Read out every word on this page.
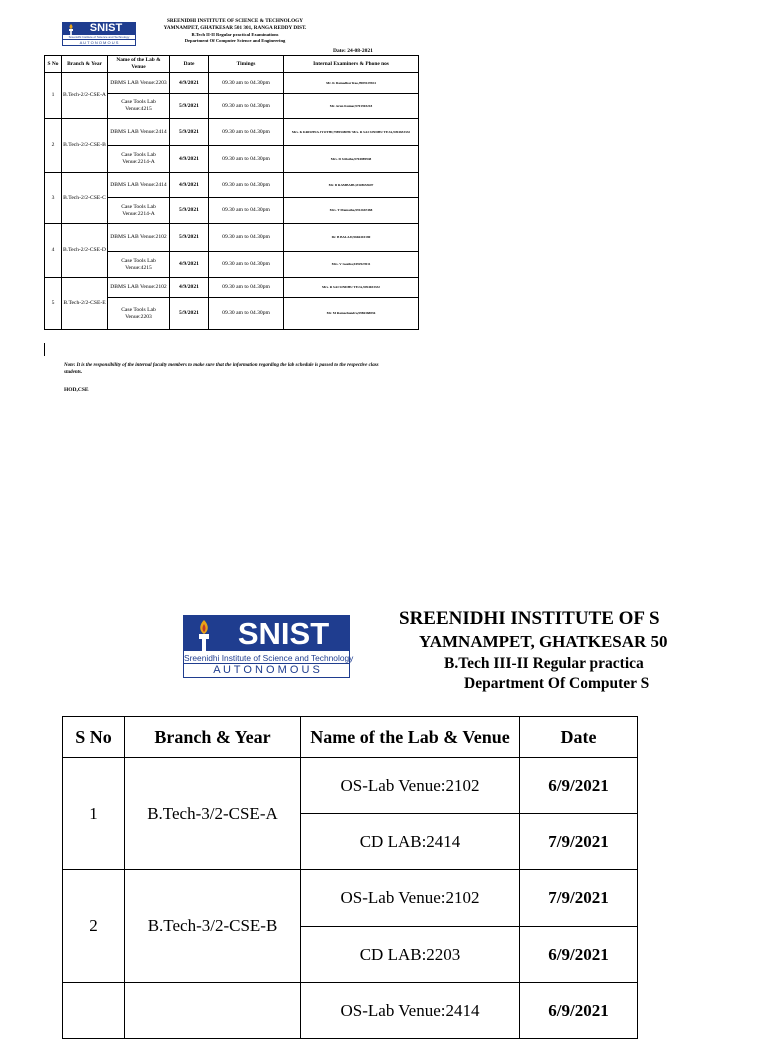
SNIST
Sreenidhi Institute of Science and Technology
A U T O N O M O U S
SREENIDHI INSTITUTE OF SCIENCE & TECHNOLOGY
YAMNAMPET, GHATKESAR 501 301, RANGA REDDY DIST.
B.Tech II-II Regular practical Examinations
Department Of Computer Science and Engineering
Date: 24-08-2021
S No	Branch & Year	Name of the Lab & Venue	Date	Timings	Internal Examiners & Phone nos
1	B.Tech-2/2-CSE-A	DBMS LAB Venue:2203	4/9/2021	09.30 am to 04.30pm	Mr. K Damodhar Rao,9989129924
		Case Tools Lab Venue:4215	5/9/2021	09.30 am to 04.30pm	Mr. Arun Kumar,9701903218
2	B.Tech-2/2-CSE-B	DBMS LAB Venue:2414	5/9/2021	09.30 am to 04.30pm	Mrs. K KRISHNA JYOTHI,7989548099/ Mrs. R SAI SINDHU TEJA,9494653332
		Case Tools Lab Venue:2214-A	4/9/2021	09.30 am to 04.30pm	Mrs. D Srilatha,9704889948
3	B.Tech-2/2-CSE-C	DBMS LAB Venue:2414	4/9/2021	09.30 am to 04.30pm	Mr. D RAMBABU,8328653607
		Case Tools Lab Venue:2214-A	5/9/2021	09.30 am to 04.30pm	Mrs. T Mamatha,9912667488
4	B.Tech-2/2-CSE-D	DBMS LAB Venue:2102	5/9/2021	09.30 am to 04.30pm	Dr. B BALAJI,9666410180
		Case Tools Lab Venue:4215	4/9/2021	09.30 am to 04.30pm	Mrs. V Geetha,9492923911
5	B.Tech-2/2-CSE-E	DBMS LAB Venue:2102	4/9/2021	09.30 am to 04.30pm	Mrs. R SAI SINDHU TEJA,9494653332
		Case Tools Lab Venue:2203	5/9/2021	09.30 am to 04.30pm	Mr. M Ramachandra,9986368836
Note: It is the responsibility of the internal faculty members to make sure that the information regarding the lab schedule is passed to the respective class students.
HOD,CSE
SNIST
Sreenidhi Institute of Science and Technology
A U T O N O M O U S
SREENIDHI INSTITUTE OF S
YAMNAMPET, GHATKESAR 50
B.Tech III-II Regular practica
Department Of Computer S
S No	Branch & Year	Name of the Lab & Venue	Date
1	B.Tech-3/2-CSE-A	OS-Lab Venue:2102	6/9/2021
		CD LAB:2414	7/9/2021
2	B.Tech-3/2-CSE-B	OS-Lab Venue:2102	7/9/2021
		CD LAB:2203	6/9/2021
		OS-Lab Venue:2414	6/9/2021
